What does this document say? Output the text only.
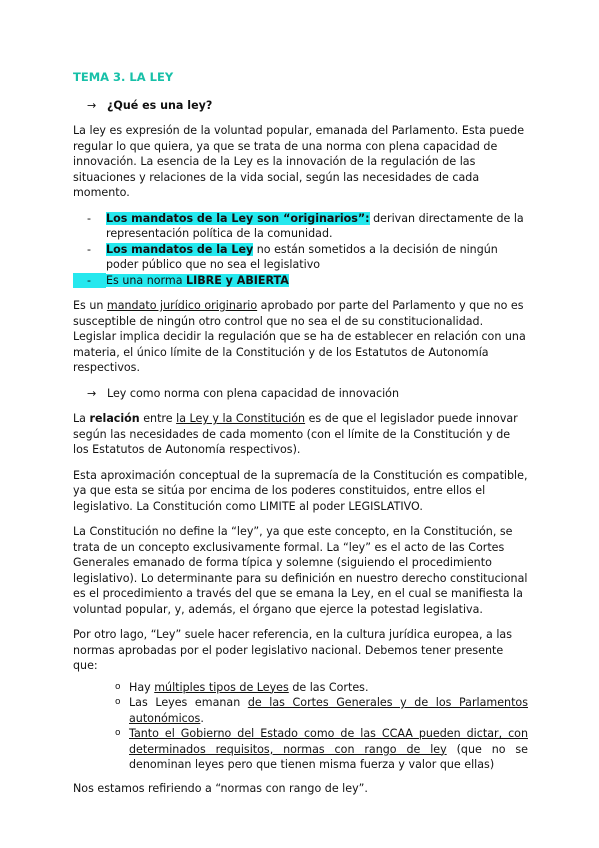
TEMA 3. LA LEY
→ ¿Qué es una ley?

La ley es expresión de la voluntad popular, emanada del Parlamento. Esta puede regular lo que quiera, ya que se trata de una norma con plena capacidad de innovación. La esencia de la Ley es la innovación de la regulación de las situaciones y relaciones de la vida social, según las necesidades de cada momento.

-	Los mandatos de la Ley son “originarios”: derivan directamente de la representación política de la comunidad.
-	Los mandatos de la Ley no están sometidos a la decisión de ningún poder público que no sea el legislativo
-	Es una norma LIBRE y ABIERTA

Es un mandato jurídico originario aprobado por parte del Parlamento y que no es susceptible de ningún otro control que no sea el de su constitucionalidad. Legislar implica decidir la regulación que se ha de establecer en relación con una materia, el único límite de la Constitución y de los Estatutos de Autonomía respectivos.

→ Ley como norma con plena capacidad de innovación

La relación entre la Ley y la Constitución es de que el legislador puede innovar según las necesidades de cada momento (con el límite de la Constitución y de los Estatutos de Autonomía respectivos).

Esta aproximación conceptual de la supremacía de la Constitución es compatible, ya que esta se sitúa por encima de los poderes constituidos, entre ellos el legislativo. La Constitución como LIMITE al poder LEGISLATIVO.

La Constitución no define la “ley”, ya que este concepto, en la Constitución, se trata de un concepto exclusivamente formal. La “ley” es el acto de las Cortes Generales emanado de forma típica y solemne (siguiendo el procedimiento legislativo). Lo determinante para su definición en nuestro derecho constitucional es el procedimiento a través del que se emana la Ley, en el cual se manifiesta la voluntad popular, y, además, el órgano que ejerce la potestad legislativa.

Por otro lago, “Ley” suele hacer referencia, en la cultura jurídica europea, a las normas aprobadas por el poder legislativo nacional. Debemos tener presente que:

o Hay múltiples tipos de Leyes de las Cortes.
o Las Leyes emanan de las Cortes Generales y de los Parlamentos autonómicos.
o Tanto el Gobierno del Estado como de las CCAA pueden dictar, con determinados requisitos, normas con rango de ley (que no se denominan leyes pero que tienen misma fuerza y valor que ellas)

Nos estamos refiriendo a “normas con rango de ley”.
